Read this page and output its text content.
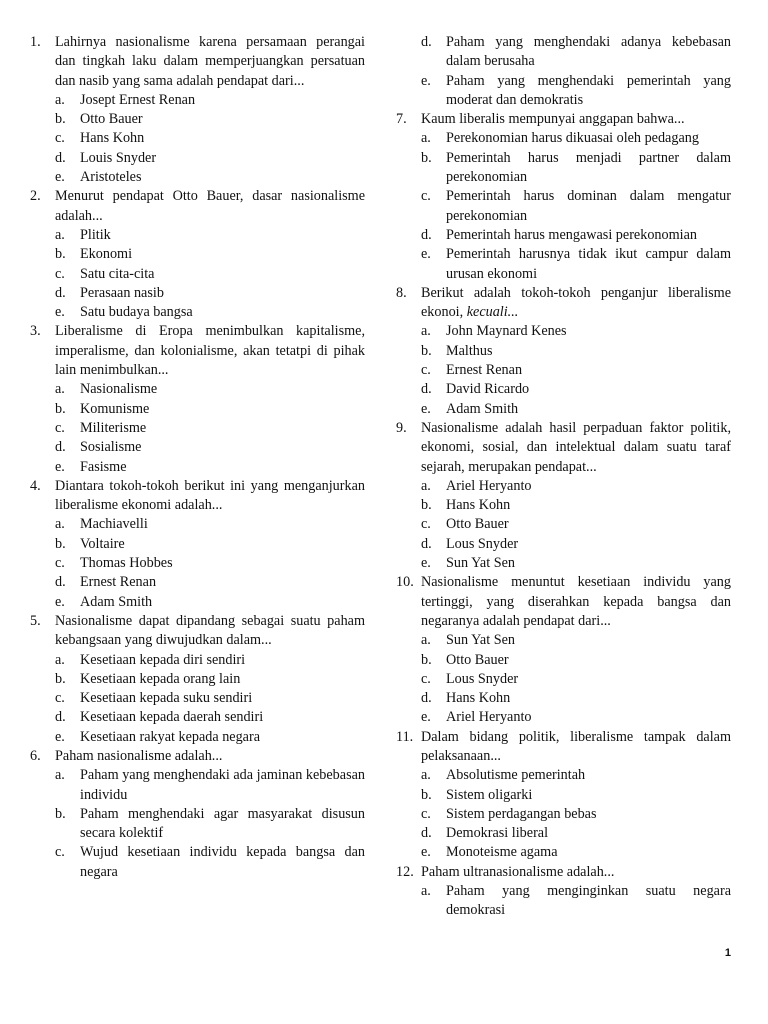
1.	Lahirnya nasionalisme karena persamaan perangai dan tingkah laku dalam memperjuangkan persatuan dan nasib yang sama adalah pendapat dari...
a.	Josept Ernest Renan
b.	Otto Bauer
c.	Hans Kohn
d.	Louis Snyder
e.	Aristoteles
2.	Menurut pendapat Otto Bauer, dasar nasionalisme adalah...
a.	Plitik
b.	Ekonomi
c.	Satu cita-cita
d.	Perasaan nasib
e.	Satu budaya bangsa
3.	Liberalisme di Eropa menimbulkan kapitalisme, imperalisme, dan kolonialisme, akan tetatpi di pihak lain menimbulkan...
a.	Nasionalisme
b.	Komunisme
c.	Militerisme
d.	Sosialisme
e.	Fasisme
4.	Diantara tokoh-tokoh berikut ini yang menganjurkan liberalisme ekonomi adalah...
a.	Machiavelli
b.	Voltaire
c.	Thomas Hobbes
d.	Ernest Renan
e.	Adam Smith
5.	Nasionalisme dapat dipandang sebagai suatu paham kebangsaan yang diwujudkan dalam...
a.	Kesetiaan kepada diri sendiri
b.	Kesetiaan kepada orang lain
c.	Kesetiaan kepada suku sendiri
d.	Kesetiaan kepada daerah sendiri
e.	Kesetiaan rakyat kepada negara
6.	Paham nasionalisme adalah...
a.	Paham yang menghendaki ada jaminan kebebasan individu
b.	Paham menghendaki agar masyarakat disusun secara kolektif
c.	Wujud kesetiaan individu kepada bangsa dan negara
d.	Paham yang menghendaki adanya kebebasan dalam berusaha
e.	Paham yang menghendaki pemerintah yang moderat dan demokratis
7.	Kaum liberalis mempunyai anggapan bahwa...
a.	Perekonomian harus dikuasai oleh pedagang
b.	Pemerintah harus menjadi partner dalam perekonomian
c.	Pemerintah harus dominan dalam mengatur perekonomian
d.	Pemerintah harus mengawasi perekonomian
e.	Pemerintah harusnya tidak ikut campur dalam urusan ekonomi
8.	Berikut adalah tokoh-tokoh penganjur liberalisme ekonoi, kecuali...
a.	John Maynard Kenes
b.	Malthus
c.	Ernest Renan
d.	David Ricardo
e.	Adam Smith
9.	Nasionalisme adalah hasil perpaduan faktor politik, ekonomi, sosial, dan intelektual dalam suatu taraf sejarah, merupakan pendapat...
a.	Ariel Heryanto
b.	Hans Kohn
c.	Otto Bauer
d.	Lous Snyder
e.	Sun Yat Sen
10. Nasionalisme menuntut kesetiaan individu yang tertinggi, yang diserahkan kepada bangsa dan negaranya adalah pendapat dari...
a.	Sun Yat Sen
b.	Otto Bauer
c.	Lous Snyder
d.	Hans Kohn
e.	Ariel Heryanto
11. Dalam bidang politik, liberalisme tampak dalam pelaksanaan...
a.	Absolutisme pemerintah
b.	Sistem oligarki
c.	Sistem perdagangan bebas
d.	Demokrasi liberal
e.	Monoteisme agama
12. Paham ultranasionalisme adalah...
a.	Paham yang menginginkan suatu negara demokrasi
1
